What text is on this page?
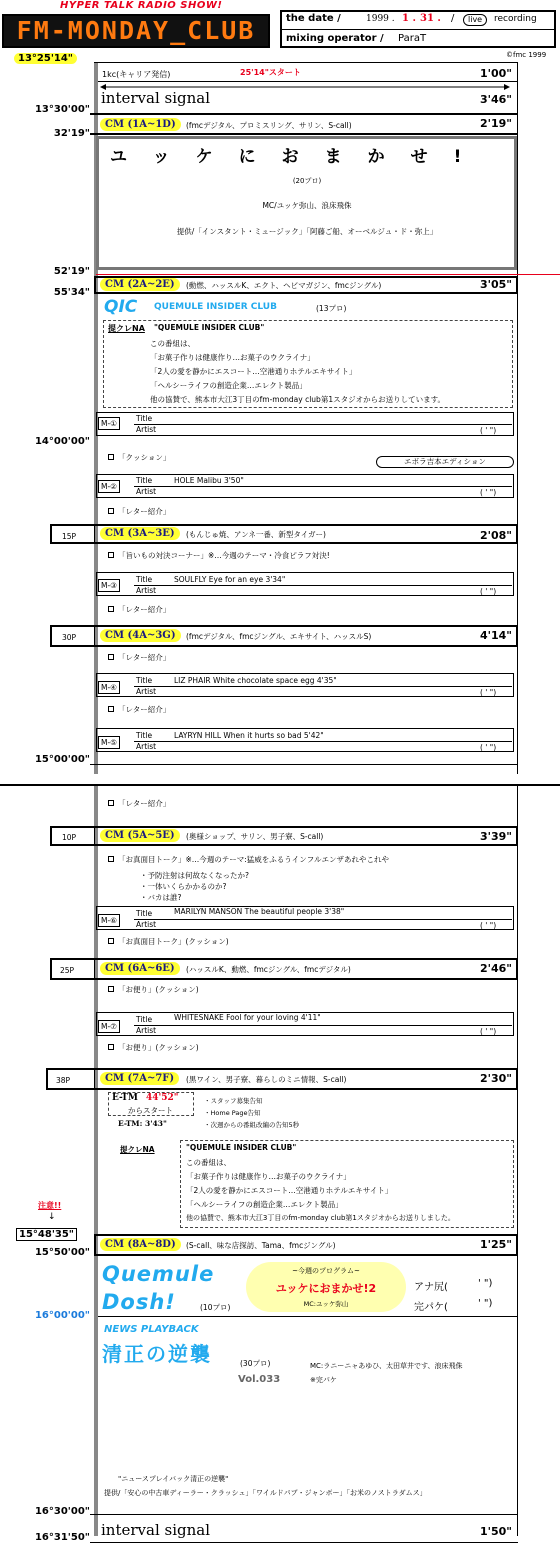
HYPER TALK RADIO SHOW!
FM-MONDAY_CLUB	the date /	1999 . 1 . 31 . /	live	recording
mixing operator / ParaT
©fmc 1999
13°25'14"
1kc(キャリア発信)	25'14"スタート	1'00"
interval signal	3'46"
13°30'00"
CM (1A~1D)	(fmcデジタル、プロミスリング、サリン、S-call)	2'19"
32'19"
ユッケにおまかせ!
(20プロ)
MC/ユッケ弥山、浪床飛侏
提供/「インスタント・ミュージック」「阿藤ご船、オーベルジュ・ド・弥上」
52'19"
CM (2A~2E)	(動燃、ハッスルK、エクト、ヘビマガジン、fmcジングル)	3'05"
55'34"
QIC QUEMULE INSIDER CLUB	(13プロ)
提クレNA "QUEMULE INSIDER CLUB"
この番組は、
「お菓子作りは健康作り…お菓子のウクライナ」
「2人の愛を静かにエスコート…空港通りホテルエキサイト」
「ヘルシーライフの創造企業…エレクト製品」
他の協賛で、熊本市大江3丁目のfm-monday club第1スタジオからお送りしています。
M-①
Title
Artist	( ' ")
14°00'00"
「クッション」	エボラ吉本エディション
M-②
Title	HOLE Malibu 3'50"
Artist	( ' ")
「レター紹介」
15P	CM (3A~3E)	(もんじゅ焼、アンネ一番、新型タイガー)	2'08"
「旨いもの対決コーナー」※…今週のテーマ・冷食ピラフ対決!
M-③
Title	SOULFLY Eye for an eye 3'34"
Artist	( ' ")
「レター紹介」
30P	CM (4A~3G)	(fmcデジタル、fmcジングル、エキサイト、ハッスルS)	4'14"
「レター紹介」
M-④
Title	LIZ PHAIR White chocolate space egg 4'35"
Artist	( ' ")
「レター紹介」
M-⑤
Title	LAYRYN HILL When it hurts so bad 5'42"
Artist	( ' ")
15°00'00"
「レター紹介」
10P	CM (5A~5E)	(奥様ショップ、サリン、男子寮、S-call)	3'39"
「お真面目トーク」※…今週のテーマ:猛威をふるうインフルエンザあれやこれや
・予防注射は何故なくなったか?
・一体いくらかかるのか?
・バカは誰?
M-⑥
Title	MARILYN MANSON The beautiful people 3'38"
Artist	( ' ")
「お真面目トーク」(クッション)
25P	CM (6A~6E)	(ハッスルK、動燃、fmcジングル、fmcデジタル)	2'46"
「お便り」(クッション)
M-⑦
Title	WHITESNAKE Fool for your loving 4'11"
Artist	( ' ")
「お便り」(クッション)
38P	CM (7A~7F)	(黒ワイン、男子寮、暮らしのミニ情報、S-call)	2'30"
E-TM 44'52"
からスタート
E-TM: 3'43"
・スタッフ募集告知
・Home Page告知
・次週からの番組改編の告知5秒
提クレNA	"QUEMULE INSIDER CLUB"
この番組は、
「お菓子作りは健康作り…お菓子のウクライナ」
「2人の愛を静かにエスコート…空港通りホテルエキサイト」
「ヘルシーライフの創造企業…エレクト製品」
他の協賛で、熊本市大江3丁目のfm-monday club第1スタジオからお送りしました。
注意!!
↓
15°48'35"
15°50'00"
CM (8A~8D)	(S-call、味な店探訪、Tama、fmcジングル)	1'25"
Quemule
Dosh!	(10プロ)
~今週のプログラム~
ユッケにおまかせ!2
MC:ユッケ弥山
アナ尻(	' ")
完パケ(	' ")
16°00'00"
NEWS PLAYBACK
清正の逆襲	(30プロ)
Vol.033
MC:ラニーニャあゆひ、太田草井です、浪床飛侏
※完パケ
"ニュースプレイバック清正の逆襲"
提供/「安心の中古車ディーラー・クラッシュ」「ワイルドパブ・ジャンボー」「お米のノストラダムス」
16°30'00"
interval signal	1'50"
16°31'50"
